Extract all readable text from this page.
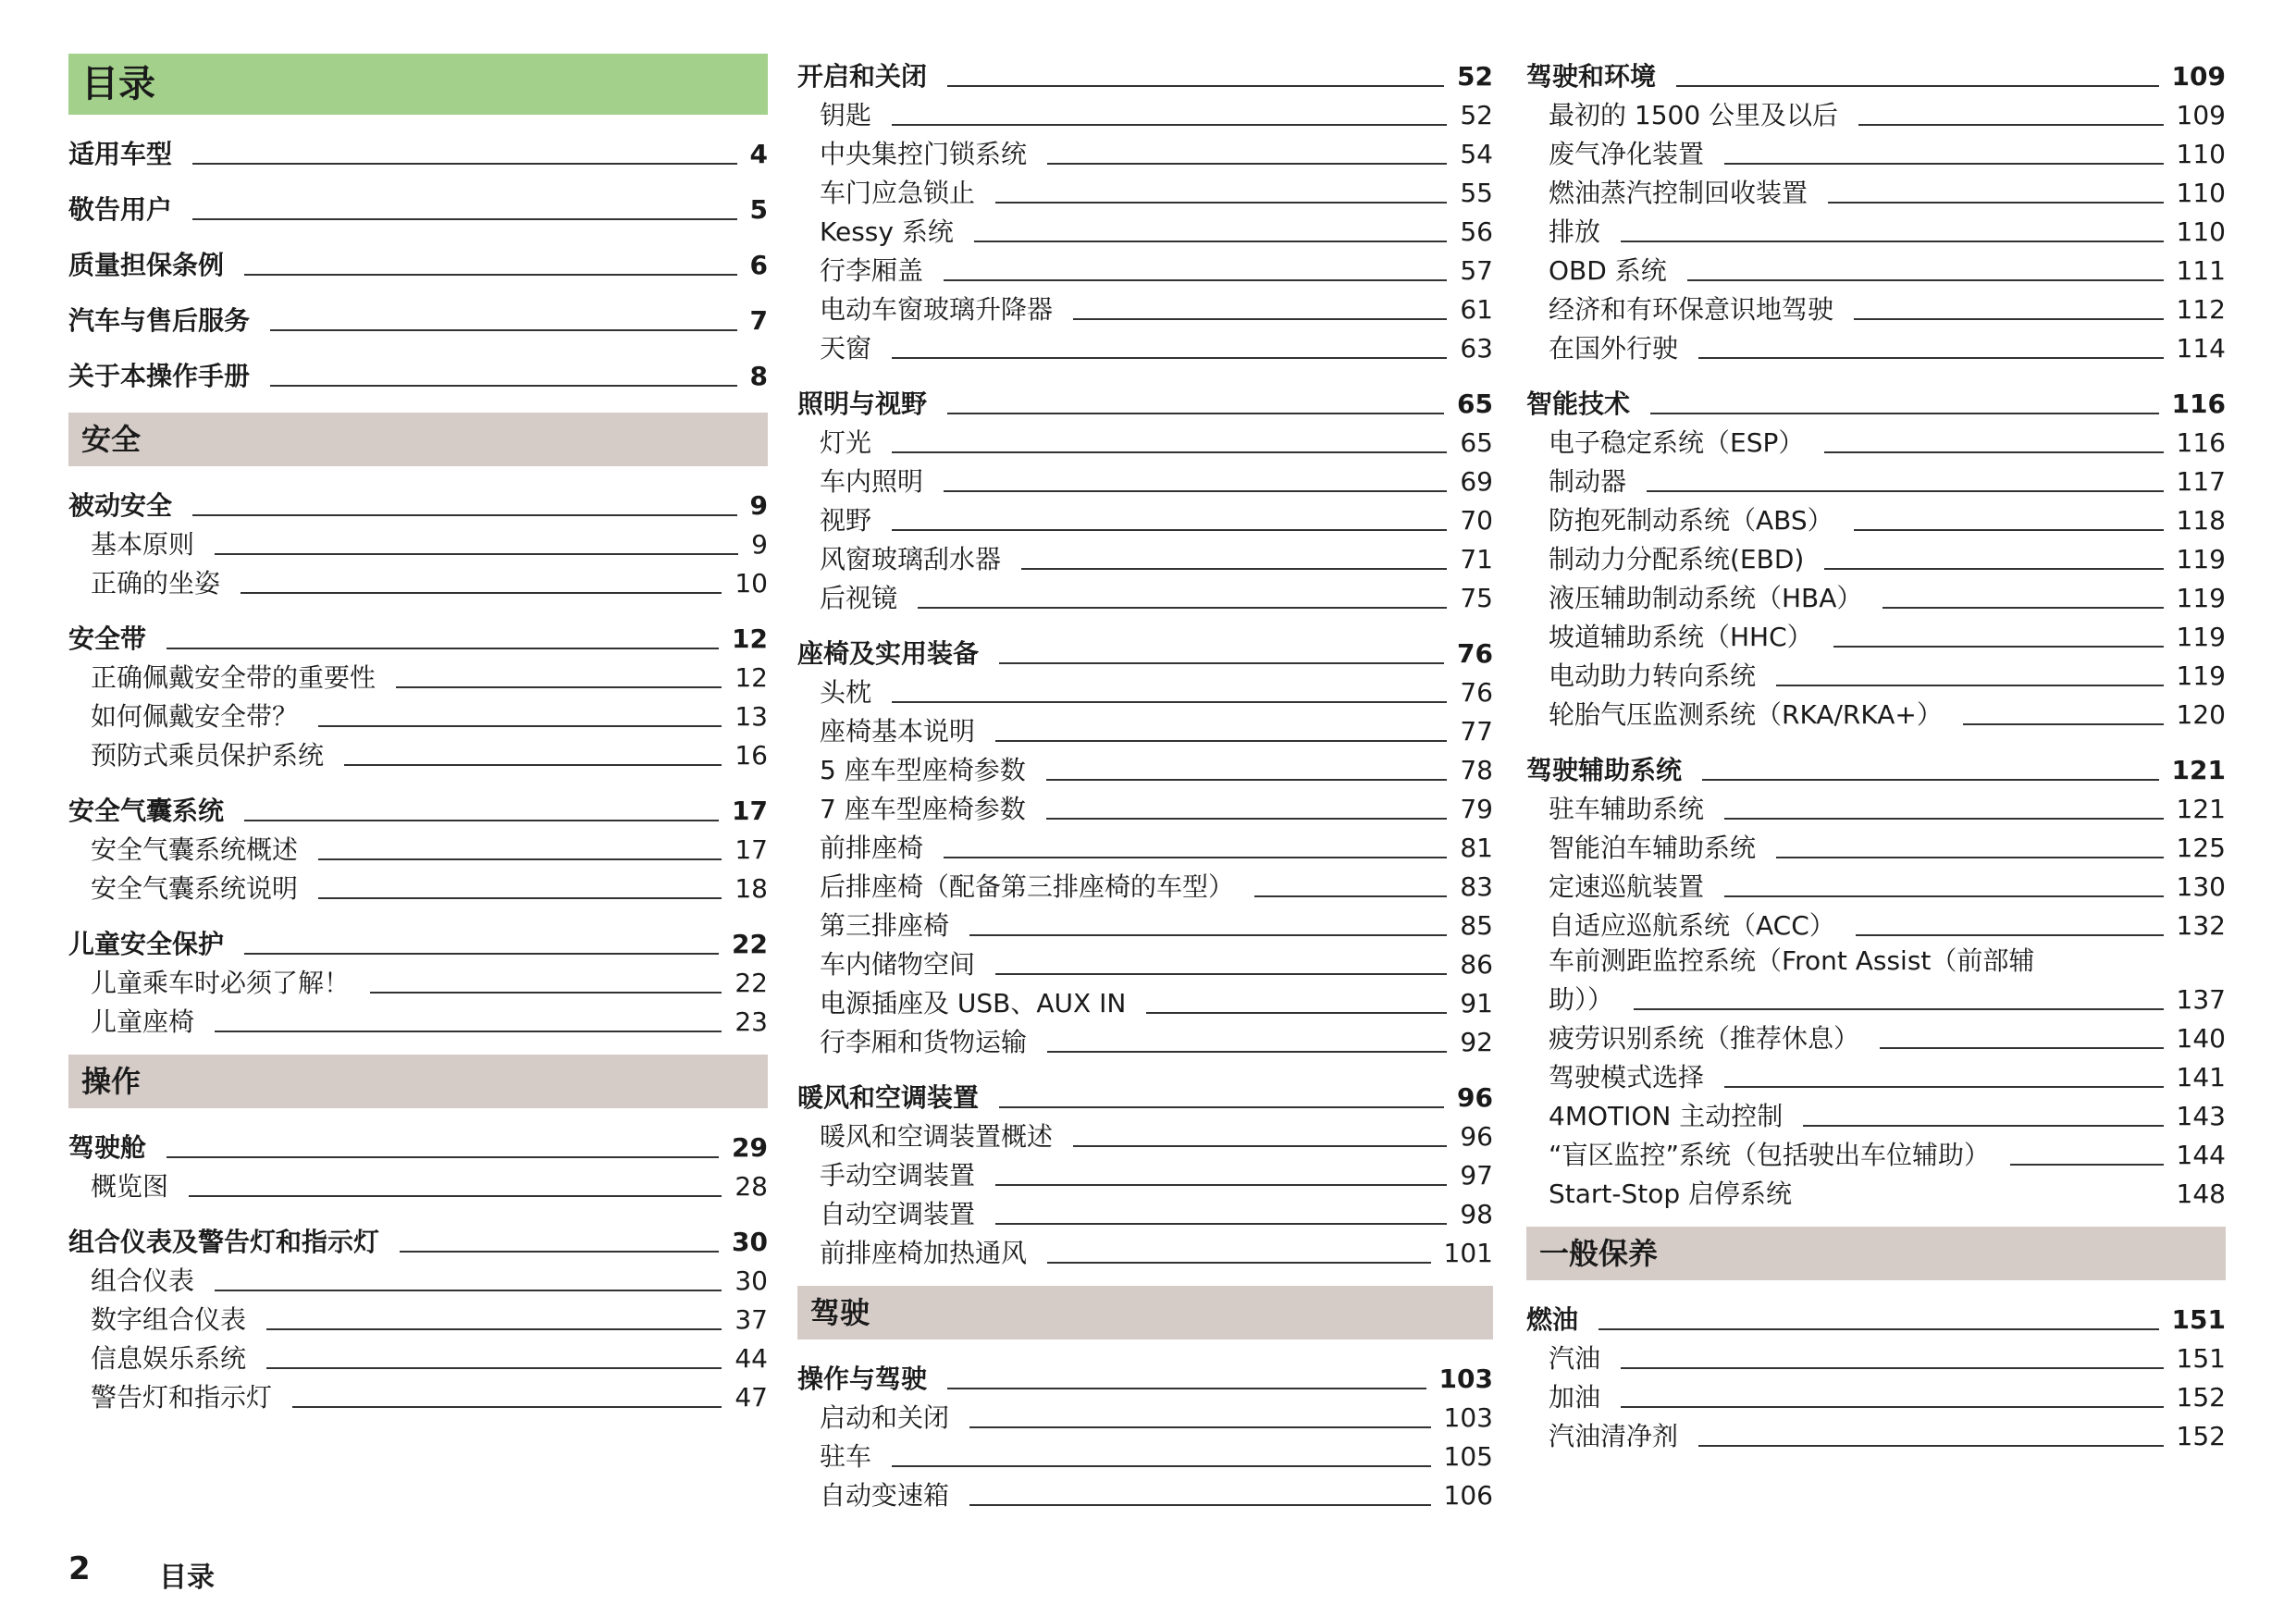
目录
适用车型	4
敬告用户	5
质量担保条例	6
汽车与售后服务	7
关于本操作手册	8
安全
被动安全	9
基本原则	9
正确的坐姿	10
安全带	12
正确佩戴安全带的重要性	12
如何佩戴安全带？	13
预防式乘员保护系统	16
安全气囊系统	17
安全气囊系统概述	17
安全气囊系统说明	18
儿童安全保护	22
儿童乘车时必须了解！	22
儿童座椅	23
操作
驾驶舱	29
概览图	28
组合仪表及警告灯和指示灯	30
组合仪表	30
数字组合仪表	37
信息娱乐系统	44
警告灯和指示灯	47
开启和关闭	52
钥匙	52
中央集控门锁系统	54
车门应急锁止	55
Kessy 系统	56
行李厢盖	57
电动车窗玻璃升降器	61
天窗	63
照明与视野	65
灯光	65
车内照明	69
视野	70
风窗玻璃刮水器	71
后视镜	75
座椅及实用装备	76
头枕	76
座椅基本说明	77
5 座车型座椅参数	78
7 座车型座椅参数	79
前排座椅	81
后排座椅（配备第三排座椅的车型）	83
第三排座椅	85
车内储物空间	86
电源插座及 USB、AUX IN	91
行李厢和货物运输	92
暖风和空调装置	96
暖风和空调装置概述	96
手动空调装置	97
自动空调装置	98
前排座椅加热通风	101
驾驶
操作与驾驶	103
启动和关闭	103
驻车	105
自动变速箱	106
驾驶和环境	109
最初的 1500 公里及以后	109
废气净化装置	110
燃油蒸汽控制回收装置	110
排放	110
OBD 系统	111
经济和有环保意识地驾驶	112
在国外行驶	114
智能技术	116
电子稳定系统（ESP）	116
制动器	117
防抱死制动系统（ABS）	118
制动力分配系统(EBD)	119
液压辅助制动系统（HBA）	119
坡道辅助系统（HHC）	119
电动助力转向系统	119
轮胎气压监测系统（RKA/RKA+）	120
驾驶辅助系统	121
驻车辅助系统	121
智能泊车辅助系统	125
定速巡航装置	130
自适应巡航系统（ACC）	132
车前测距监控系统（Front Assist（前部辅
助））	137
疲劳识别系统（推荐休息）	140
驾驶模式选择	141
4MOTION 主动控制	143
“盲区监控”系统（包括驶出车位辅助）	144
Start-Stop 启停系统	148
一般保养
燃油	151
汽油	151
加油	152
汽油清净剂	152
2 目录
